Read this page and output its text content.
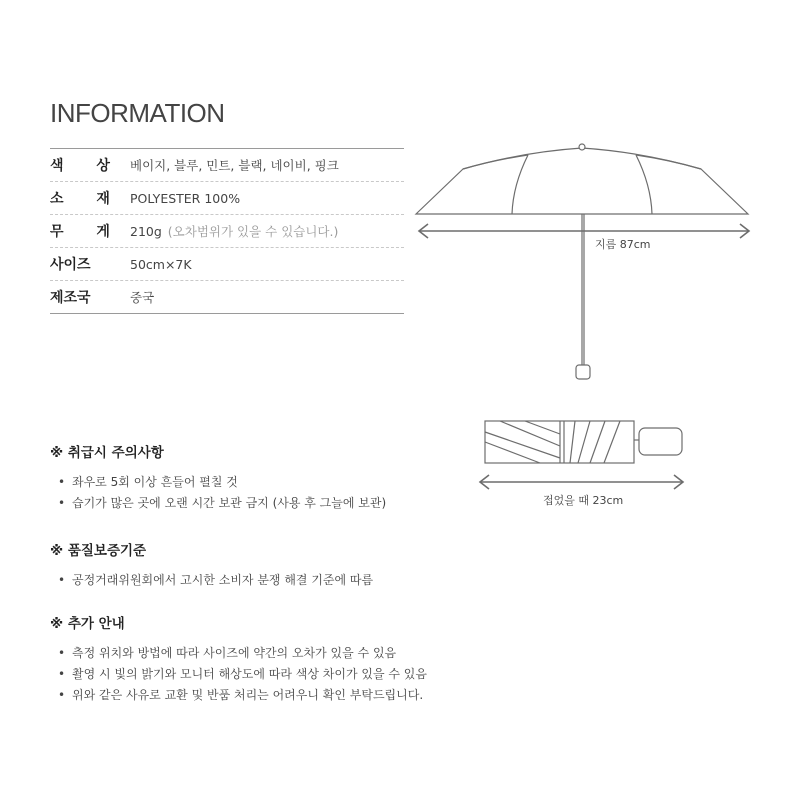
INFORMATION
색 상 베이지, 블루, 민트, 블랙, 네이비, 핑크
소 재 POLYESTER 100%
무 게 210g (오차범위가 있을 수 있습니다.)
사이즈	50cm×7K
제조국	중국
지름 87cm
접었을 때 23cm
※ 취급시 주의사항
• 좌우로 5회 이상 흔들어 펼칠 것
• 습기가 많은 곳에 오랜 시간 보관 금지 (사용 후 그늘에 보관)
※ 품질보증기준
• 공정거래위원회에서 고시한 소비자 분쟁 해결 기준에 따름
※ 추가 안내
• 측정 위치와 방법에 따라 사이즈에 약간의 오차가 있을 수 있음
• 촬영 시 빛의 밝기와 모니터 해상도에 따라 색상 차이가 있을 수 있음
• 위와 같은 사유로 교환 및 반품 처리는 어려우니 확인 부탁드립니다.
